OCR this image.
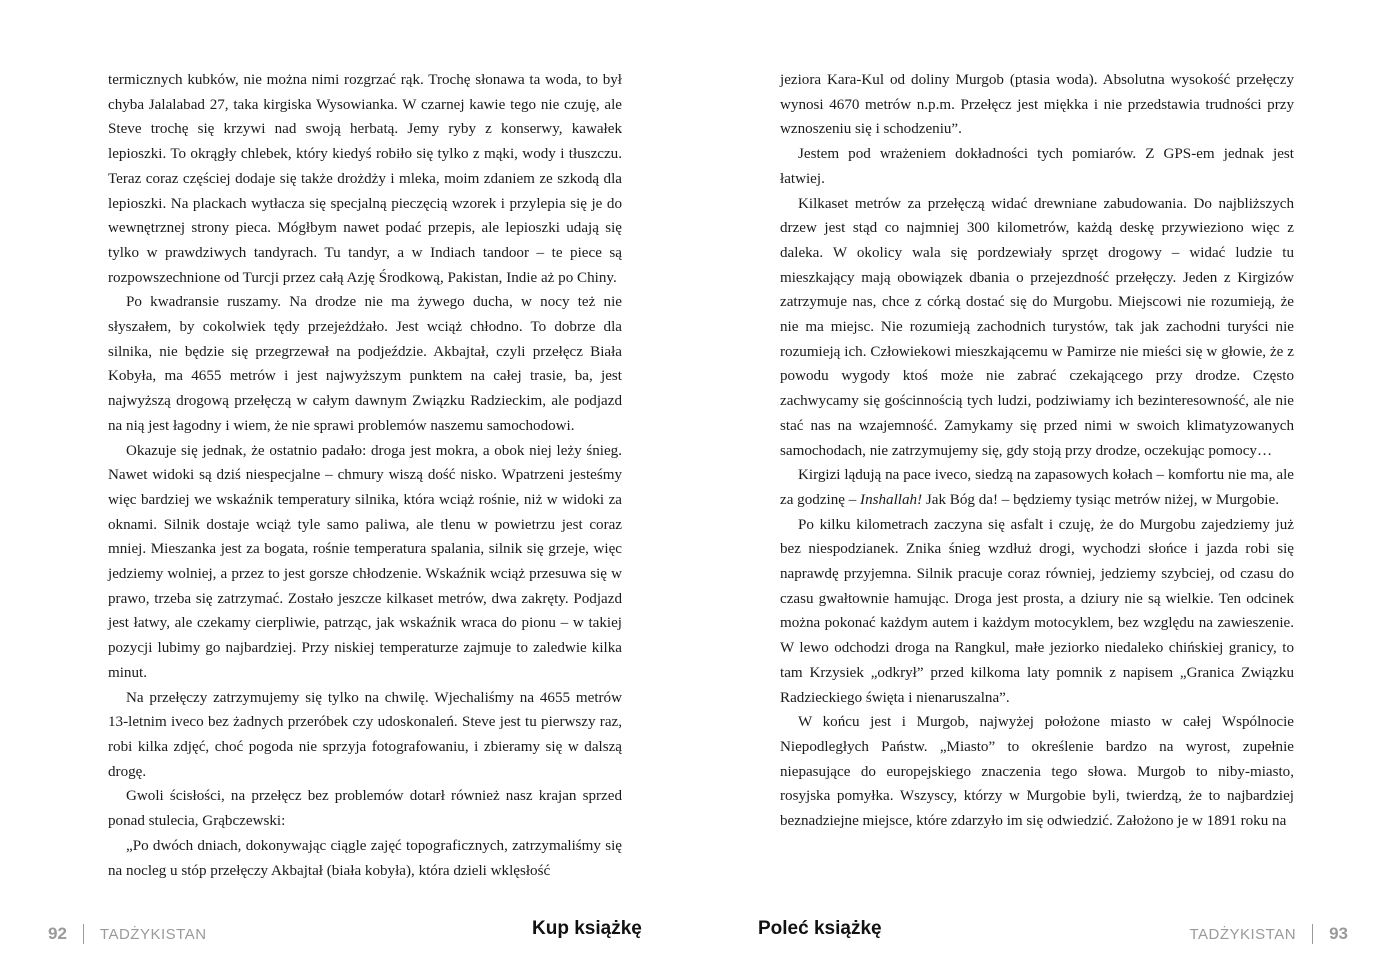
termicznych kubków, nie można nimi rozgrzać rąk. Trochę słonawa ta woda, to był chyba Jalalabad 27, taka kirgiska Wysowianka. W czarnej kawie tego nie czuję, ale Steve trochę się krzywi nad swoją herbatą. Jemy ryby z konserwy, kawałek lepioszki. To okrągły chlebek, który kiedyś robiło się tylko z mąki, wody i tłuszczu. Teraz coraz częściej dodaje się także drożdży i mleka, moim zdaniem ze szkodą dla lepioszki. Na plackach wytłacza się specjalną pieczęcią wzorek i przylepia się je do wewnętrznej strony pieca. Mógłbym nawet podać przepis, ale lepioszki udają się tylko w prawdziwych tandyrach. Tu tandyr, a w Indiach tandoor – te piece są rozpowszechnione od Turcji przez całą Azję Środkową, Pakistan, Indie aż po Chiny.

Po kwadransie ruszamy. Na drodze nie ma żywego ducha, w nocy też nie słyszałem, by cokolwiek tędy przejeżdżało. Jest wciąż chłodno. To dobrze dla silnika, nie będzie się przegrzewał na podjeździe. Akbajtał, czyli przełęcz Biała Kobyła, ma 4655 metrów i jest najwyższym punktem na całej trasie, ba, jest najwyższą drogową przełęczą w całym dawnym Związku Radzieckim, ale podjazd na nią jest łagodny i wiem, że nie sprawi problemów naszemu samochodowi.

Okazuje się jednak, że ostatnio padało: droga jest mokra, a obok niej leży śnieg. Nawet widoki są dziś niespecjalne – chmury wiszą dość nisko. Wpatrzeni jesteśmy więc bardziej we wskaźnik temperatury silnika, która wciąż rośnie, niż w widoki za oknami. Silnik dostaje wciąż tyle samo paliwa, ale tlenu w powietrzu jest coraz mniej. Mieszanka jest za bogata, rośnie temperatura spalania, silnik się grzeje, więc jedziemy wolniej, a przez to jest gorsze chłodzenie. Wskaźnik wciąż przesuwa się w prawo, trzeba się zatrzymać. Zostało jeszcze kilkaset metrów, dwa zakręty. Podjazd jest łatwy, ale czekamy cierpliwie, patrząc, jak wskaźnik wraca do pionu – w takiej pozycji lubimy go najbardziej. Przy niskiej temperaturze zajmuje to zaledwie kilka minut.

Na przełęczy zatrzymujemy się tylko na chwilę. Wjechaliśmy na 4655 metrów 13-letnim iveco bez żadnych przeróbek czy udoskonaleń. Steve jest tu pierwszy raz, robi kilka zdjęć, choć pogoda nie sprzyja fotografowaniu, i zbieramy się w dalszą drogę.

Gwoli ścisłości, na przełęcz bez problemów dotarł również nasz krajan sprzed ponad stulecia, Grąbczewski:

„Po dwóch dniach, dokonywając ciągle zajęć topograficznych, zatrzymaliśmy się na nocleg u stóp przełęczy Akbajtał (biała kobyła), która dzieli wklęsłość

92 TADŻYKISTAN

jeziora Kara-Kul od doliny Murgob (ptasia woda). Absolutna wysokość przełęczy wynosi 4670 metrów n.p.m. Przełęcz jest miękka i nie przedstawia trudności przy wznoszeniu się i schodzeniu”.

Jestem pod wrażeniem dokładności tych pomiarów. Z GPS-em jednak jest łatwiej.

Kilkaset metrów za przełęczą widać drewniane zabudowania. Do najbliższych drzew jest stąd co najmniej 300 kilometrów, każdą deskę przywieziono więc z daleka. W okolicy wala się pordzewiały sprzęt drogowy – widać ludzie tu mieszkający mają obowiązek dbania o przejezdność przełęczy. Jeden z Kirgizów zatrzymuje nas, chce z córką dostać się do Murgobu. Miejscowi nie rozumieją, że nie ma miejsc. Nie rozumieją zachodnich turystów, tak jak zachodni turyści nie rozumieją ich. Człowiekowi mieszkającemu w Pamirze nie mieści się w głowie, że z powodu wygody ktoś może nie zabrać czekającego przy drodze. Często zachwycamy się gościnnością tych ludzi, podziwiamy ich bezinteresowność, ale nie stać nas na wzajemność. Zamykamy się przed nimi w swoich klimatyzowanych samochodach, nie zatrzymujemy się, gdy stoją przy drodze, oczekując pomocy…

Kirgizi lądują na pace iveco, siedzą na zapasowych kołach – komfortu nie ma, ale za godzinę – Inshallah! Jak Bóg da! – będziemy tysiąc metrów niżej, w Murgobie.

Po kilku kilometrach zaczyna się asfalt i czuję, że do Murgobu zajedziemy już bez niespodzianek. Znika śnieg wzdłuż drogi, wychodzi słońce i jazda robi się naprawdę przyjemna. Silnik pracuje coraz równiej, jedziemy szybciej, od czasu do czasu gwałtownie hamując. Droga jest prosta, a dziury nie są wielkie. Ten odcinek można pokonać każdym autem i każdym motocyklem, bez względu na zawieszenie. W lewo odchodzi droga na Rangkul, małe jeziorko niedaleko chińskiej granicy, to tam Krzysiek „odkrył” przed kilkoma laty pomnik z napisem „Granica Związku Radzieckiego święta i nienaruszalna”.

W końcu jest i Murgob, najwyżej położone miasto w całej Wspólnocie Niepodległych Państw. „Miasto” to określenie bardzo na wyrost, zupełnie niepasujące do europejskiego znaczenia tego słowa. Murgob to niby-miasto, rosyjska pomyłka. Wszyscy, którzy w Murgobie byli, twierdzą, że to najbardziej beznadziejne miejsce, które zdarzyło im się odwiedzić. Założono je w 1891 roku na

TADŻYKISTAN 93
Kup książkę	Poleć książkę
